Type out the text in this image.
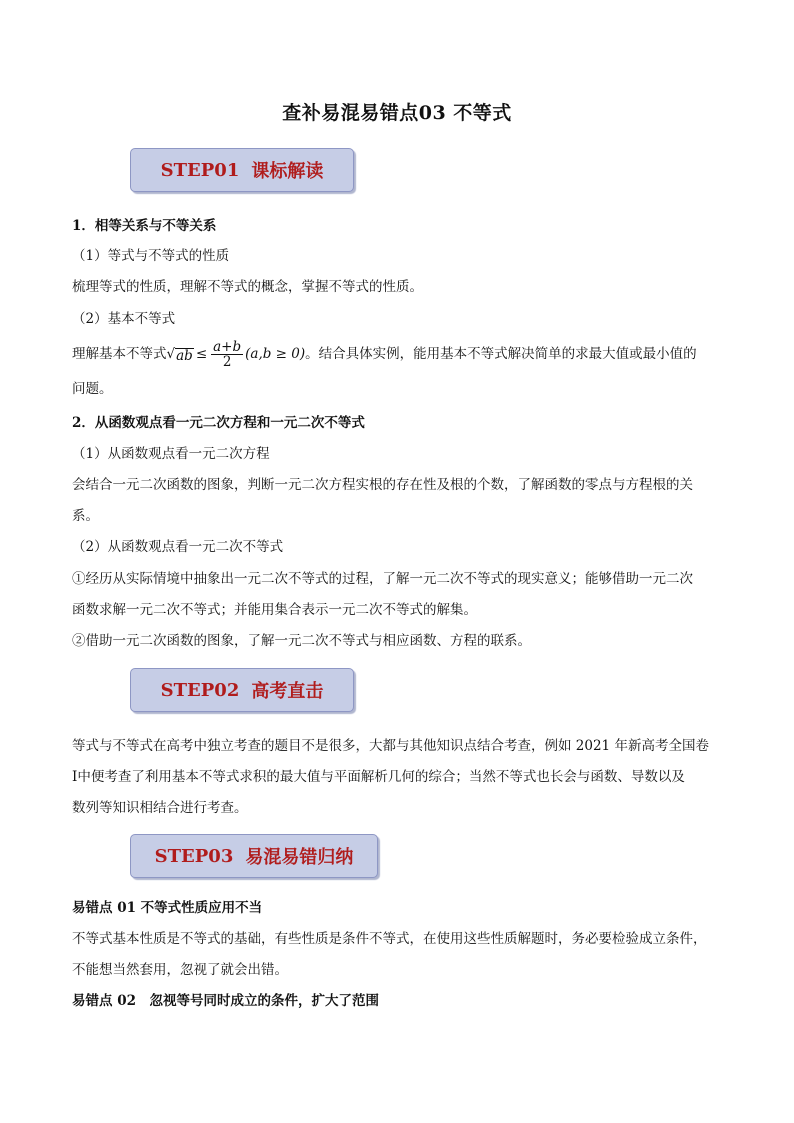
查补易混易错点03 不等式
STEP01 课标解读
1．相等关系与不等关系
（1）等式与不等式的性质
梳理等式的性质，理解不等式的概念，掌握不等式的性质。
（2）基本不等式
理解基本不等式 √ ab ≤ $\frac{a+b}{2} (a,b \ge 0)$ 。结合具体实例，能用基本不等式解决简单的求最大值或最小值的
问题。
2．从函数观点看一元二次方程和一元二次不等式
（1）从函数观点看一元二次方程
会结合一元二次函数的图象，判断一元二次方程实根的存在性及根的个数，了解函数的零点与方程根的关
系。
（2）从函数观点看一元二次不等式
①经历从实际情境中抽象出一元二次不等式的过程，了解一元二次不等式的现实意义；能够借助一元二次
函数求解一元二次不等式；并能用集合表示一元二次不等式的解集。
②借助一元二次函数的图象，了解一元二次不等式与相应函数、方程的联系。
STEP02 高考直击
等式与不等式在高考中独立考查的题目不是很多，大都与其他知识点结合考查，例如 2021 年新高考全国卷
Ⅰ中便考查了利用基本不等式求积的最大值与平面解析几何的综合；当然不等式也长会与函数、导数以及
数列等知识相结合进行考查。
STEP03 易混易错归纳
易错点 01 不等式性质应用不当
不等式基本性质是不等式的基础，有些性质是条件不等式，在使用这些性质解题时，务必要检验成立条件，
不能想当然套用，忽视了就会出错。
易错点 02　忽视等号同时成立的条件，扩大了范围
